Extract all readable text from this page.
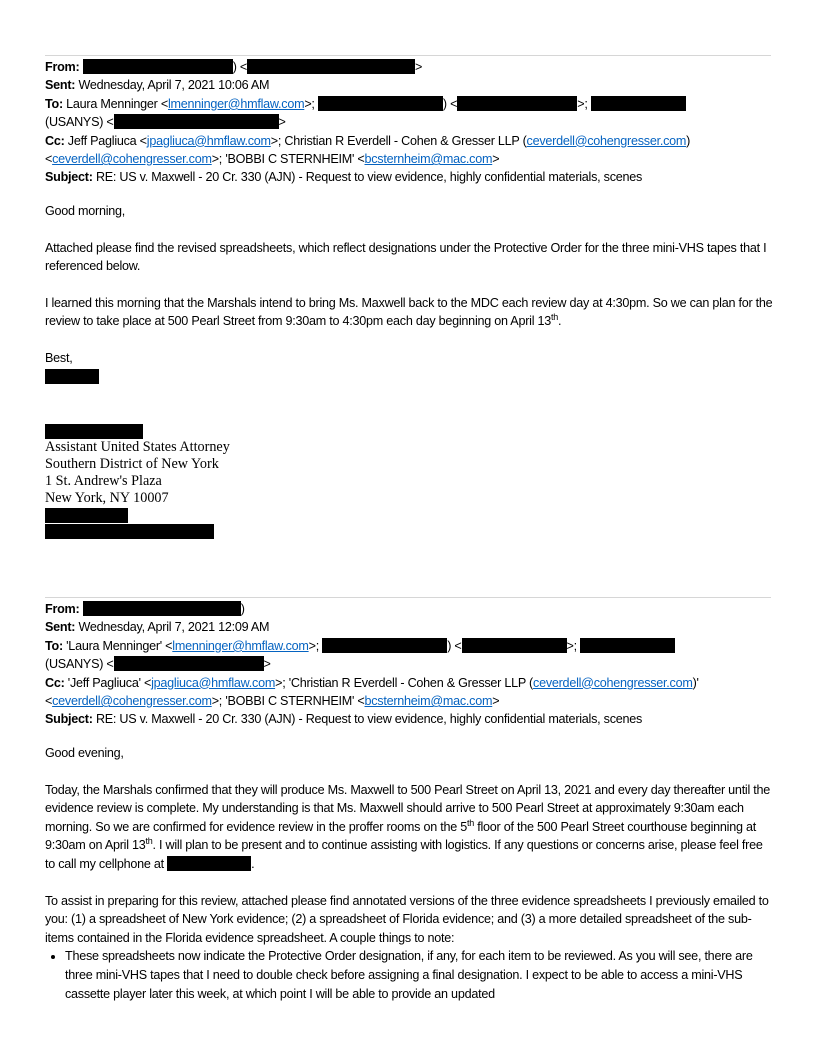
From:	) <	>
Sent: Wednesday, April 7, 2021 10:06 AM
To: Laura Menninger <lmenninger@hmflaw.com>;	) <	>;
(USANYS) <	>
Cc: Jeff Pagliuca <jpagliuca@hmflaw.com>; Christian R Everdell - Cohen & Gresser LLP (ceverdell@cohengresser.com)
<ceverdell@cohengresser.com>; 'BOBBI C STERNHEIM' <bcsternheim@mac.com>
Subject: RE: US v. Maxwell - 20 Cr. 330 (AJN) - Request to view evidence, highly confidential materials, scenes

Good morning,

Attached please find the revised spreadsheets, which reflect designations under the Protective Order for the three mini-VHS tapes that I referenced below.

I learned this morning that the Marshals intend to bring Ms. Maxwell back to the MDC each review day at 4:30pm. So we can plan for the review to take place at 500 Pearl Street from 9:30am to 4:30pm each day beginning on April 13th.

Best,

Assistant United States Attorney
Southern District of New York
1 St. Andrew's Plaza
New York, NY 10007
From:	)
Sent: Wednesday, April 7, 2021 12:09 AM
To: 'Laura Menninger' <lmenninger@hmflaw.com>;	) <	>;
(USANYS) <	>
Cc: 'Jeff Pagliuca' <jpagliuca@hmflaw.com>; 'Christian R Everdell - Cohen & Gresser LLP (ceverdell@cohengresser.com)'
<ceverdell@cohengresser.com>; 'BOBBI C STERNHEIM' <bcsternheim@mac.com>
Subject: RE: US v. Maxwell - 20 Cr. 330 (AJN) - Request to view evidence, highly confidential materials, scenes

Good evening,

Today, the Marshals confirmed that they will produce Ms. Maxwell to 500 Pearl Street on April 13, 2021 and every day thereafter until the evidence review is complete. My understanding is that Ms. Maxwell should arrive to 500 Pearl Street at approximately 9:30am each morning. So we are confirmed for evidence review in the proffer rooms on the 5th floor of the 500 Pearl Street courthouse beginning at 9:30am on April 13th. I will plan to be present and to continue assisting with logistics. If any questions or concerns arise, please feel free to call my cellphone at	.

To assist in preparing for this review, attached please find annotated versions of the three evidence spreadsheets I previously emailed to you: (1) a spreadsheet of New York evidence; (2) a spreadsheet of Florida evidence; and (3) a more detailed spreadsheet of the sub-items contained in the Florida evidence spreadsheet. A couple things to note:

• These spreadsheets now indicate the Protective Order designation, if any, for each item to be reviewed. As you will see, there are three mini-VHS tapes that I need to double check before assigning a final designation. I expect to be able to access a mini-VHS cassette player later this week, at which point I will be able to provide an updated
